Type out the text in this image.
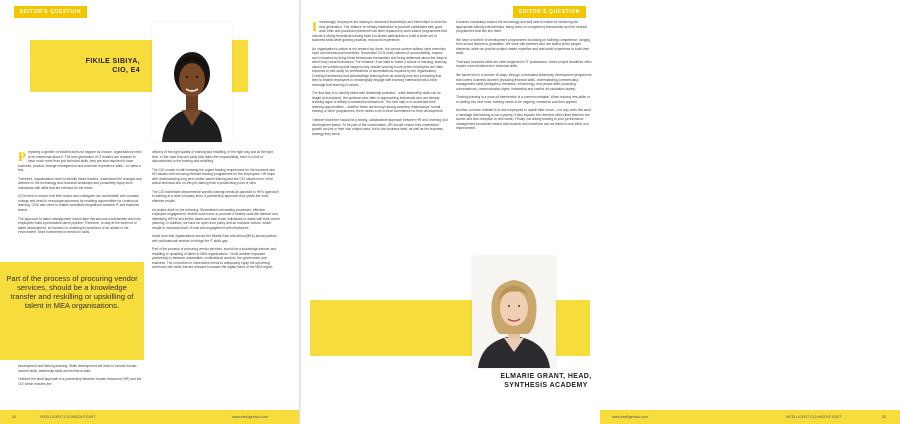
EDITOR'S QUESTION
FIKILE SIBIYA,
CIO, E4

Preparing a pipeline of leaders does not happen by chance, organisations need to be intentional about it. The next generation of IT leaders are required to have much more than just technical skills, they are also required to have business, product, change management and customer experience skills – to name a few.

Therefore, organisations need to identify future leaders, understand the changes and direction in the technology and business landscape and proactively equip such individuals with skills that are relevant for the future.

CIOs need to ensure that their teams and colleagues are comfortable with constant change and need to encourage autonomy by enabling opportunities for continuous learning. CIOs also need to enable seamless integrations between IT and business teams.

The approach to talent management should take this account uncertainties and help employees build a predictable talent pipeline. Therefore, to stay at the forefront of talent development, ed focuses on enabling its workforce to be ahead of the environment. More investment is needed in skills

Part of the process of procuring vendor services, should be a knowledge transfer and reskilling or upskilling of talent in MEA organisations.

development and lifelong learning. Skills development will need to include human-centred skills, leadership skills and technical skills.

I believe the ideal approach is a partnership between human resources (HR) and the CIO which ensures the

delivery of the right quality of training and reskilling, in the right way and at the right time. In the case that one party fully takes the responsibility, there is a risk of disconnection in the training and reskilling.

The CIO comes in with knowing the urgent training requirement for the business and HR assists with choosing relevant training programmes for the employees. HR helps with understanding long term career-based training and the CIO values more of the actual technical and on-the-job training from a productivity point of view.

The CIO addresses departmental specific training needs as opposed to HR's approach to training at a wide company level. A partnership approach thus yields the most effective results.

ed pickles itself on the following: Streamlined onboarding processes, effective employee engagement, flexible work hours to promote a healthy work-life balance and identifying HiPOs and further assist and train those individuals to assist with their career planning. In addition, we have an open door policy and an inclusive culture, which results in increased level of trust and engagement with employees.

Aside from that organisations across the Middle East and Africa (MEA) should partner with multinational vendors to bridge the IT skills gap.

Part of the process of procuring vendor services, should be a knowledge transfer and reskilling or upskilling of talent in MEA organisations. I think another important partnership is between universities, multinational vendors, the government and business. The curriculum in universities needs to adequately equip the upcoming workforce with skills that are relevant to sustain the digital future of the MEA region.

34	INTELLIGENT CIO MIDDLE EAST	www.intelligentcio.com
EDITOR'S QUESTION

Increasingly, employers are looking to structured leaderships and internships to build the next generation. The reliance on tertiary institutions to produce candidates with good work ethic and practical experience has been replaced by work-based programmes that include a strong theoretical training base but allows participants to build a wider set of business skills while gaining practical, real-world experience.

An organisation's culture is not created top-down, but cannot survive without clear executive input and behavioural incentives. Successful CIOs build cultures of accountability, respect and innovation by living these behaviours themselves and being deliberate about the ways in which they reward behaviour. For instance, if we want to foster a culture of learning, learning cannot be something that happens only outside working hours (when employees are often expected to self-study for certifications or accreditations required by the organisation). Creating frameworks that acknowledge learning time as working time and promoting that time to enable employees to meaningfully engage with learning material sends a clear message that learning is valued.

The first step is to identify talent with leadership potential – while leadership skills can be taught and acquired, the quickest wins often in approaching individuals who are already showing signs of affinity to leadership behaviours. The next step is to accelerate their learning opportunities – whether these are through strong coaching relationships, formal training or other programmes, there needs to be a clear commitment to their development.

I believe that there should be a strong, collaborative approach between HR and, learning and development teams. To be part of the conversation, HR should ensure they understand growth not just in their own subject area, but in the business itself, as well as the business strategy they serve.

A shared vocabulary around the technology and skill sets is critical for delivering the appropriate training interventions, being clear on competency frameworks and the nearest programmes that link into them.

We have a number of development programmes focussing on building competence, ranging from school leavers to graduates. We work with partners who are skilled at the people elements, while we provide subject matter expertise and real-world experience to build their skills.

That said, business skills are often neglected in IT professions, where project deadlines often require more investment in technical skills.

We tackle this in a number of ways: through a dedicated leadership development programme that covers business acumen (including financial skills, understanding commercials), management skills (delegation, feedback, influencing), and people skills (coaching conversations, communication styles, leadership and conflict de-escalation styles).

Thinking training is a once-off intervention is a common mistake. When training new skills or re-skilling into new roles, training needs to be ongoing, measured and then applied.

Another common mistake is to ask employees to upskill after hours – not only does this send a message that training is not a priority, it also impacts the retention rates (tired learners are slower and less receptive to new ideas). Finally, not linking training to your performance management processes means that rewards and incentives are not linked to real effort and improvement.

ELMARIE GRANT, HEAD,
SYNTHESIS ACADEMY
www.intelligentcio.com	INTELLIGENT CIO MIDDLE EAST	35
